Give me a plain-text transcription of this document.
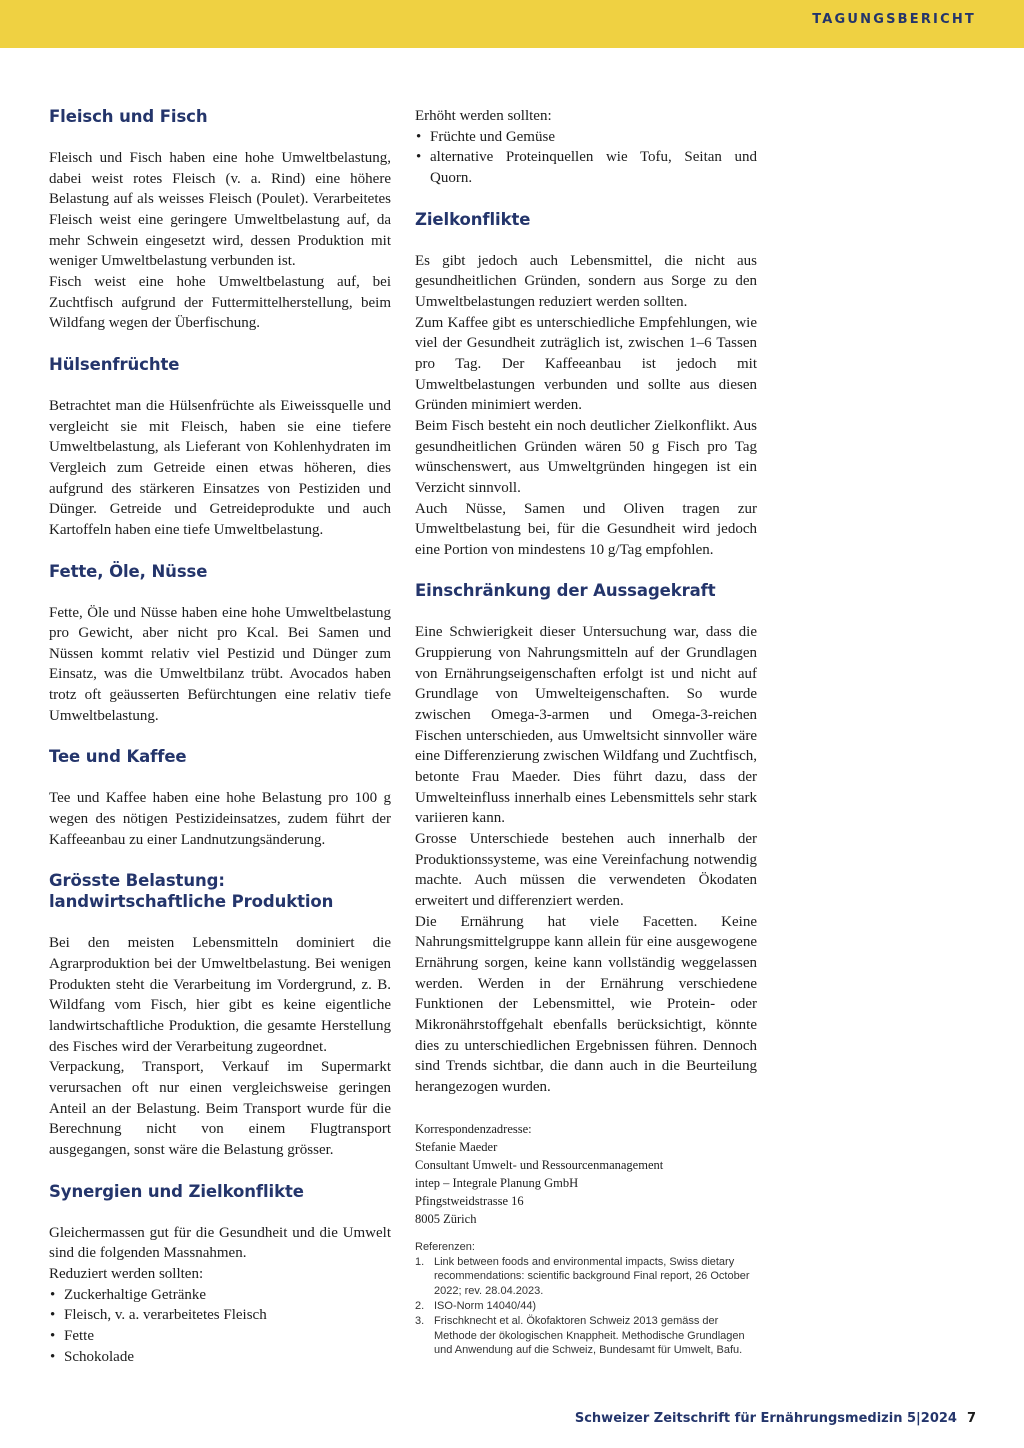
TAGUNGSBERICHT
Fleisch und Fisch

Fleisch und Fisch haben eine hohe Umweltbelastung, dabei weist rotes Fleisch (v. a. Rind) eine höhere Belastung auf als weisses Fleisch (Poulet). Verarbeitetes Fleisch weist eine geringere Umweltbelastung auf, da mehr Schwein eingesetzt wird, dessen Produktion mit weniger Umweltbelastung verbunden ist.

Fisch weist eine hohe Umweltbelastung auf, bei Zuchtfisch aufgrund der Futtermittelherstellung, beim Wildfang wegen der Überfischung.

Hülsenfrüchte

Betrachtet man die Hülsenfrüchte als Eiweissquelle und vergleicht sie mit Fleisch, haben sie eine tiefere Umweltbelastung, als Lieferant von Kohlenhydraten im Vergleich zum Getreide einen etwas höheren, dies aufgrund des stärkeren Einsatzes von Pestiziden und Dünger. Getreide und Getreideprodukte und auch Kartoffeln haben eine tiefe Umweltbelastung.

Fette, Öle, Nüsse

Fette, Öle und Nüsse haben eine hohe Umweltbelastung pro Gewicht, aber nicht pro Kcal. Bei Samen und Nüssen kommt relativ viel Pestizid und Dünger zum Einsatz, was die Umweltbilanz trübt. Avocados haben trotz oft geäusserten Befürchtungen eine relativ tiefe Umweltbelastung.

Tee und Kaffee

Tee und Kaffee haben eine hohe Belastung pro 100 g wegen des nötigen Pestizideinsatzes, zudem führt der Kaffeeanbau zu einer Landnutzungsänderung.

Grösste Belastung:
landwirtschaftliche Produktion

Bei den meisten Lebensmitteln dominiert die Agrarproduktion bei der Umweltbelastung. Bei wenigen Produkten steht die Verarbeitung im Vordergrund, z. B. Wildfang vom Fisch, hier gibt es keine eigentliche landwirtschaftliche Produktion, die gesamte Herstellung des Fisches wird der Verarbeitung zugeordnet.

Verpackung, Transport, Verkauf im Supermarkt verursachen oft nur einen vergleichsweise geringen Anteil an der Belastung. Beim Transport wurde für die Berechnung nicht von einem Flugtransport ausgegangen, sonst wäre die Belastung grösser.

Synergien und Zielkonflikte

Gleichermassen gut für die Gesundheit und die Umwelt sind die folgenden Massnahmen.

Reduziert werden sollten:

• Zuckerhaltige Getränke
• Fleisch, v. a. verarbeitetes Fleisch
• Fette
• Schokolade

Erhöht werden sollten:

• Früchte und Gemüse
• alternative Proteinquellen wie Tofu, Seitan und Quorn.
Zielkonflikte

Es gibt jedoch auch Lebensmittel, die nicht aus gesundheitlichen Gründen, sondern aus Sorge zu den Umweltbelastungen reduziert werden sollten.

Zum Kaffee gibt es unterschiedliche Empfehlungen, wie viel der Gesundheit zuträglich ist, zwischen 1–6 Tassen pro Tag. Der Kaffeeanbau ist jedoch mit Umweltbelastungen verbunden und sollte aus diesen Gründen minimiert werden.

Beim Fisch besteht ein noch deutlicher Zielkonflikt. Aus gesundheitlichen Gründen wären 50 g Fisch pro Tag wünschenswert, aus Umweltgründen hingegen ist ein Verzicht sinnvoll.

Auch Nüsse, Samen und Oliven tragen zur Umweltbelastung bei, für die Gesundheit wird jedoch eine Portion von mindestens 10 g/Tag empfohlen.

Einschränkung der Aussagekraft

Eine Schwierigkeit dieser Untersuchung war, dass die Gruppierung von Nahrungsmitteln auf der Grundlagen von Ernährungseigenschaften erfolgt ist und nicht auf Grundlage von Umwelteigenschaften. So wurde zwischen Omega-3-armen und Omega-3-reichen Fischen unterschieden, aus Umweltsicht sinnvoller wäre eine Differenzierung zwischen Wildfang und Zuchtfisch, betonte Frau Maeder. Dies führt dazu, dass der Umwelteinfluss innerhalb eines Lebensmittels sehr stark variieren kann.

Grosse Unterschiede bestehen auch innerhalb der Produktionssysteme, was eine Vereinfachung notwendig machte. Auch müssen die verwendeten Ökodaten erweitert und differenziert werden.

Die Ernährung hat viele Facetten. Keine Nahrungsmittelgruppe kann allein für eine ausgewogene Ernährung sorgen, keine kann vollständig weggelassen werden. Werden in der Ernährung verschiedene Funktionen der Lebensmittel, wie Protein- oder Mikronährstoffgehalt ebenfalls berücksichtigt, könnte dies zu unterschiedlichen Ergebnissen führen. Dennoch sind Trends sichtbar, die dann auch in die Beurteilung herangezogen wurden.

Korrespondenzadresse:
Stefanie Maeder
Consultant Umwelt- und Ressourcenmanagement
intep – Integrale Planung GmbH
Pfingstweidstrasse 16
8005 Zürich
Referenzen:
1. Link between foods and environmental impacts, Swiss dietary recommendations: scientific background Final report, 26 October 2022; rev. 28.04.2023.
2. ISO-Norm 14040/44)
3. Frischknecht et al. Ökofaktoren Schweiz 2013 gemäss der Methode der ökologischen Knappheit. Methodische Grundlagen und Anwendung auf die Schweiz, Bundesamt für Umwelt, Bafu.
Schweizer Zeitschrift für Ernährungsmedizin 5|2024 7
